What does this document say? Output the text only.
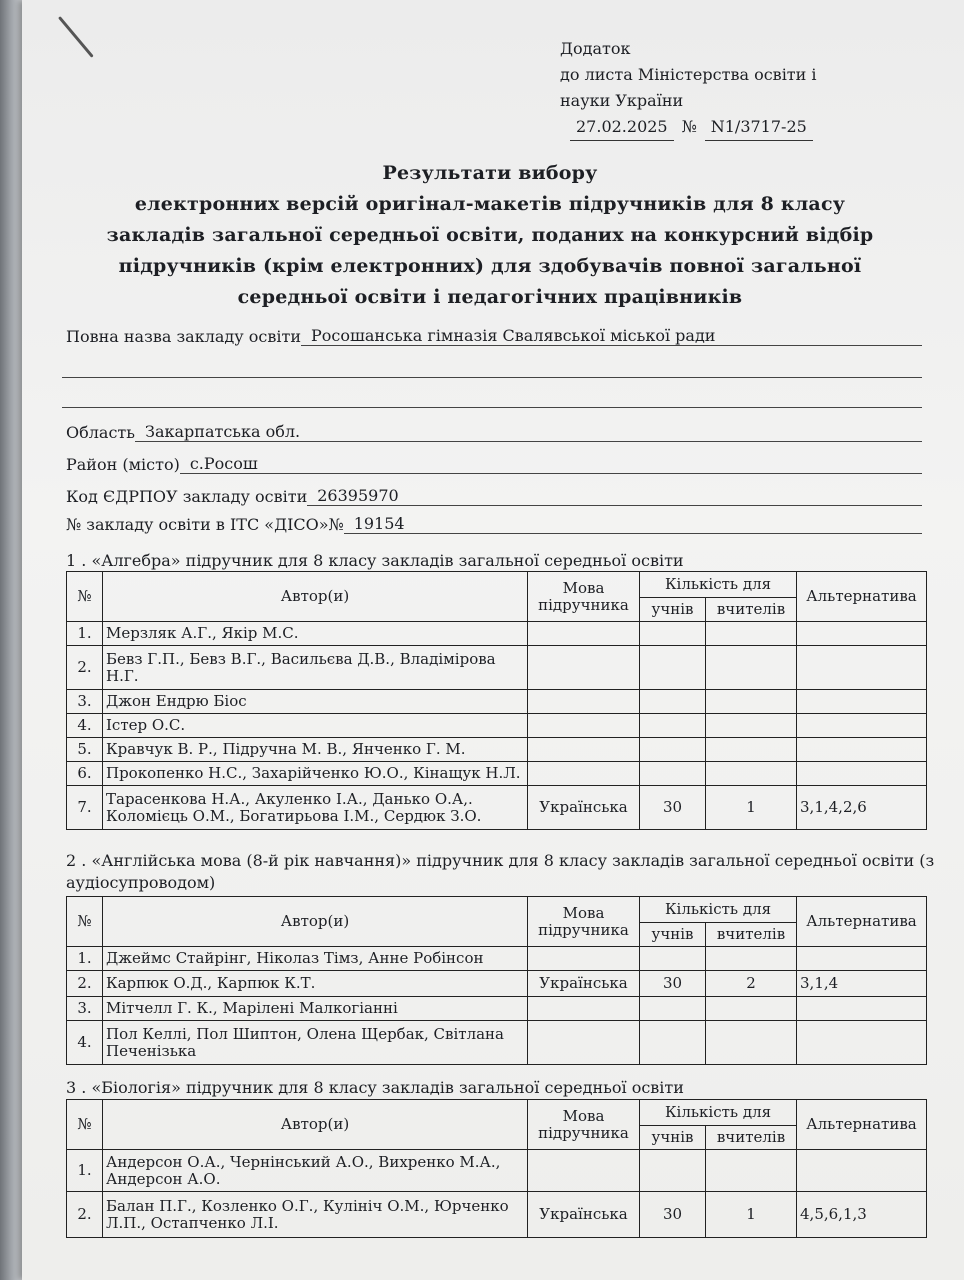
Додаток
до листа Міністерства освіти і
науки України
27.02.2025 № N1/3717-25
Результати вибору
електронних версій оригінал-макетів підручників для 8 класу
закладів загальної середньої освіти, поданих на конкурсний відбір
підручників (крім електронних) для здобувачів повної загальної
середньої освіти і педагогічних працівників
Повна назва закладу освіти Росошанська гімназія Свалявської міської ради
Область Закарпатська обл.
Район (місто) с.Росош
Код ЄДРПОУ закладу освіти 26395970
№ закладу освіти в ІТС «ДІСО»№ 19154
1 . «Алгебра» підручник для 8 класу закладів загальної середньої освіти
№	Автор(и)	Мова підручника	Кількість для		Альтернатива
			учнів	вчителів	
1.	Мерзляк А.Г., Якір М.С.				
2.	Бевз Г.П., Бевз В.Г., Васильєва Д.В., Владімірова Н.Г.				
3.	Джон Ендрю Біос				
4.	Істер О.С.				
5.	Кравчук В. Р., Підручна М. В., Янченко Г. М.				
6.	Прокопенко Н.С., Захарійченко Ю.О., Кінащук Н.Л.				
7.	Тарасенкова Н.А., Акуленко І.А., Данько О.А,. Коломієць О.М., Богатирьова І.М., Сердюк З.О.	Українська	30	1	3,1,4,2,6
2 . «Англійська мова (8-й рік навчання)» підручник для 8 класу закладів загальної середньої освіти (з аудіосупроводом)
№	Автор(и)	Мова підручника	Кількість для		Альтернатива
			учнів	вчителів	
1.	Джеймс Стайрінг, Ніколаз Тімз, Анне Робінсон				
2.	Карпюк О.Д., Карпюк К.Т.	Українська	30	2	3,1,4
3.	Мітчелл Г. К., Марілені Малкогіанні				
4.	Пол Келлі, Пол Шиптон, Олена Щербак, Світлана Печенізька				
3 . «Біологія» підручник для 8 класу закладів загальної середньої освіти
№	Автор(и)	Мова підручника	Кількість для		Альтернатива
			учнів	вчителів	
1.	Андерсон О.А., Чернінський А.О., Вихренко М.А., Андерсон А.О.				
2.	Балан П.Г., Козленко О.Г., Кулініч О.М., Юрченко Л.П., Остапченко Л.І.	Українська	30	1	4,5,6,1,3
